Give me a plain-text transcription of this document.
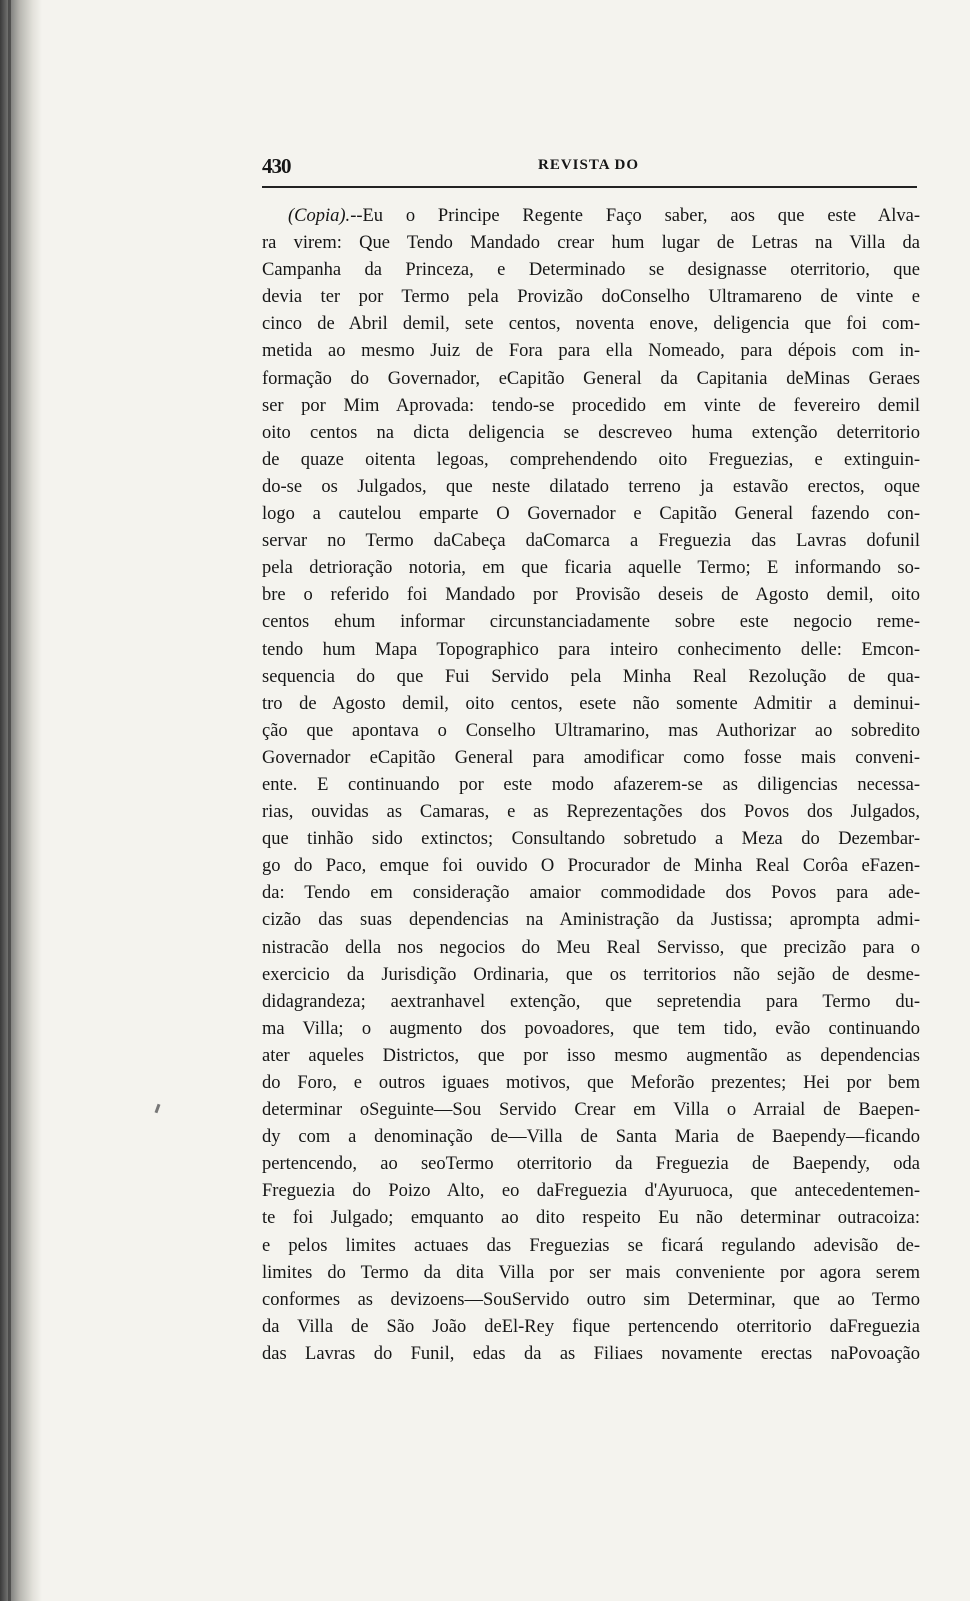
430	REVISTA DO
(Copia).--Eu o Principe Regente Faço saber, aos que este Alva-
ra virem: Que Tendo Mandado crear hum lugar de Letras na Villa da
Campanha da Princeza, e Determinado se designasse oterritorio, que
devia ter por Termo pela Provizão doConselho Ultramareno de vinte e
cinco de Abril demil, sete centos, noventa enove, deligencia que foi com-
metida ao mesmo Juiz de Fora para ella Nomeado, para dépois com in-
formação do Governador, eCapitão General da Capitania deMinas Geraes
ser por Mim Aprovada: tendo-se procedido em vinte de fevereiro demil
oito centos na dicta deligencia se descreveo huma extenção deterritorio
de quaze oitenta legoas, comprehendendo oito Freguezias, e extinguin-
do-se os Julgados, que neste dilatado terreno ja estavão erectos, oque
logo a cautelou emparte O Governador e Capitão General fazendo con-
servar no Termo daCabeça daComarca a Freguezia das Lavras dofunil
pela detrioração notoria, em que ficaria aquelle Termo; E informando so-
bre o referido foi Mandado por Provisão deseis de Agosto demil, oito
centos ehum informar circunstanciadamente sobre este negocio reme-
tendo hum Mapa Topographico para inteiro conhecimento delle: Emcon-
sequencia do que Fui Servido pela Minha Real Rezolução de qua-
tro de Agosto demil, oito centos, esete não somente Admitir a deminui-
ção que apontava o Conselho Ultramarino, mas Authorizar ao sobredito
Governador eCapitão General para amodificar como fosse mais conveni-
ente. E continuando por este modo afazerem-se as diligencias necessa-
rias, ouvidas as Camaras, e as Reprezentações dos Povos dos Julgados,
que tinhão sido extinctos; Consultando sobretudo a Meza do Dezembar-
go do Paco, emque foi ouvido O Procurador de Minha Real Corôa eFazen-
da: Tendo em consideração amaior commodidade dos Povos para ade-
cizão das suas dependencias na Aministração da Justissa; aprompta admi-
nistracão della nos negocios do Meu Real Servisso, que precizão para o
exercicio da Jurisdição Ordinaria, que os territorios não sejão de desme-
didagrandeza; aextranhavel extenção, que sepretendia para Termo du-
ma Villa; o augmento dos povoadores, que tem tido, evão continuando
ater aqueles Districtos, que por isso mesmo augmentão as dependencias
do Foro, e outros iguaes motivos, que Meforão prezentes; Hei por bem
determinar oSeguinte—Sou Servido Crear em Villa o Arraial de Baepen-
dy com a denominação de—Villa de Santa Maria de Baependy—ficando
pertencendo, ao seoTermo oterritorio da Freguezia de Baependy, oda
Freguezia do Poizo Alto, eo daFreguezia d'Ayuruoca, que antecedentemen-
te foi Julgado; emquanto ao dito respeito Eu não determinar outracoiza:
e pelos limites actuaes das Freguezias se ficará regulando adevisão de-
limites do Termo da dita Villa por ser mais conveniente por agora serem
conformes as devizoens—SouServido outro sim Determinar, que ao Termo
da Villa de São João deEl-Rey fique pertencendo oterritorio daFreguezia
das Lavras do Funil, edas da as Filiaes novamente erectas naPovoação
